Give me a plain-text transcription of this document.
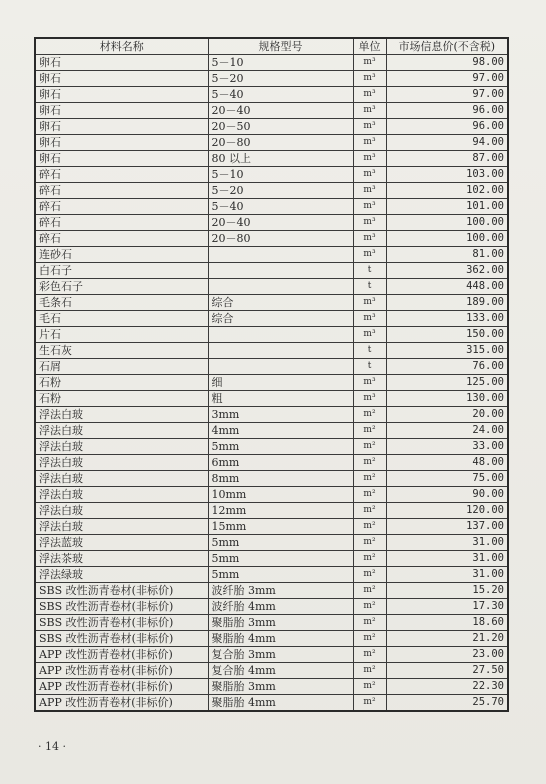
材料名称	规格型号	单位	市场信息价(不含税)
卵石	5－10	m³	98.00
卵石	5－20	m³	97.00
卵石	5－40	m³	97.00
卵石	20－40	m³	96.00
卵石	20－50	m³	96.00
卵石	20－80	m³	94.00
卵石	80 以上	m³	87.00
碎石	5－10	m³	103.00
碎石	5－20	m³	102.00
碎石	5－40	m³	101.00
碎石	20－40	m³	100.00
碎石	20－80	m³	100.00
连砂石		m³	81.00
白石子		t	362.00
彩色石子		t	448.00
毛条石	综合	m³	189.00
毛石	综合	m³	133.00
片石		m³	150.00
生石灰		t	315.00
石屑		t	76.00
石粉	细	m³	125.00
石粉	粗	m³	130.00
浮法白玻	3mm	m²	20.00
浮法白玻	4mm	m²	24.00
浮法白玻	5mm	m²	33.00
浮法白玻	6mm	m²	48.00
浮法白玻	8mm	m²	75.00
浮法白玻	10mm	m²	90.00
浮法白玻	12mm	m²	120.00
浮法白玻	15mm	m²	137.00
浮法蓝玻	5mm	m²	31.00
浮法茶玻	5mm	m²	31.00
浮法绿玻	5mm	m²	31.00
SBS 改性沥青卷材(非标价)	波纤胎 3mm	m²	15.20
SBS 改性沥青卷材(非标价)	波纤胎 4mm	m²	17.30
SBS 改性沥青卷材(非标价)	聚脂胎 3mm	m²	18.60
SBS 改性沥青卷材(非标价)	聚脂胎 4mm	m²	21.20
APP 改性沥青卷材(非标价)	复合胎 3mm	m²	23.00
APP 改性沥青卷材(非标价)	复合胎 4mm	m²	27.50
APP 改性沥青卷材(非标价)	聚脂胎 3mm	m²	22.30
APP 改性沥青卷材(非标价)	聚脂胎 4mm	m²	25.70
· 14 ·
